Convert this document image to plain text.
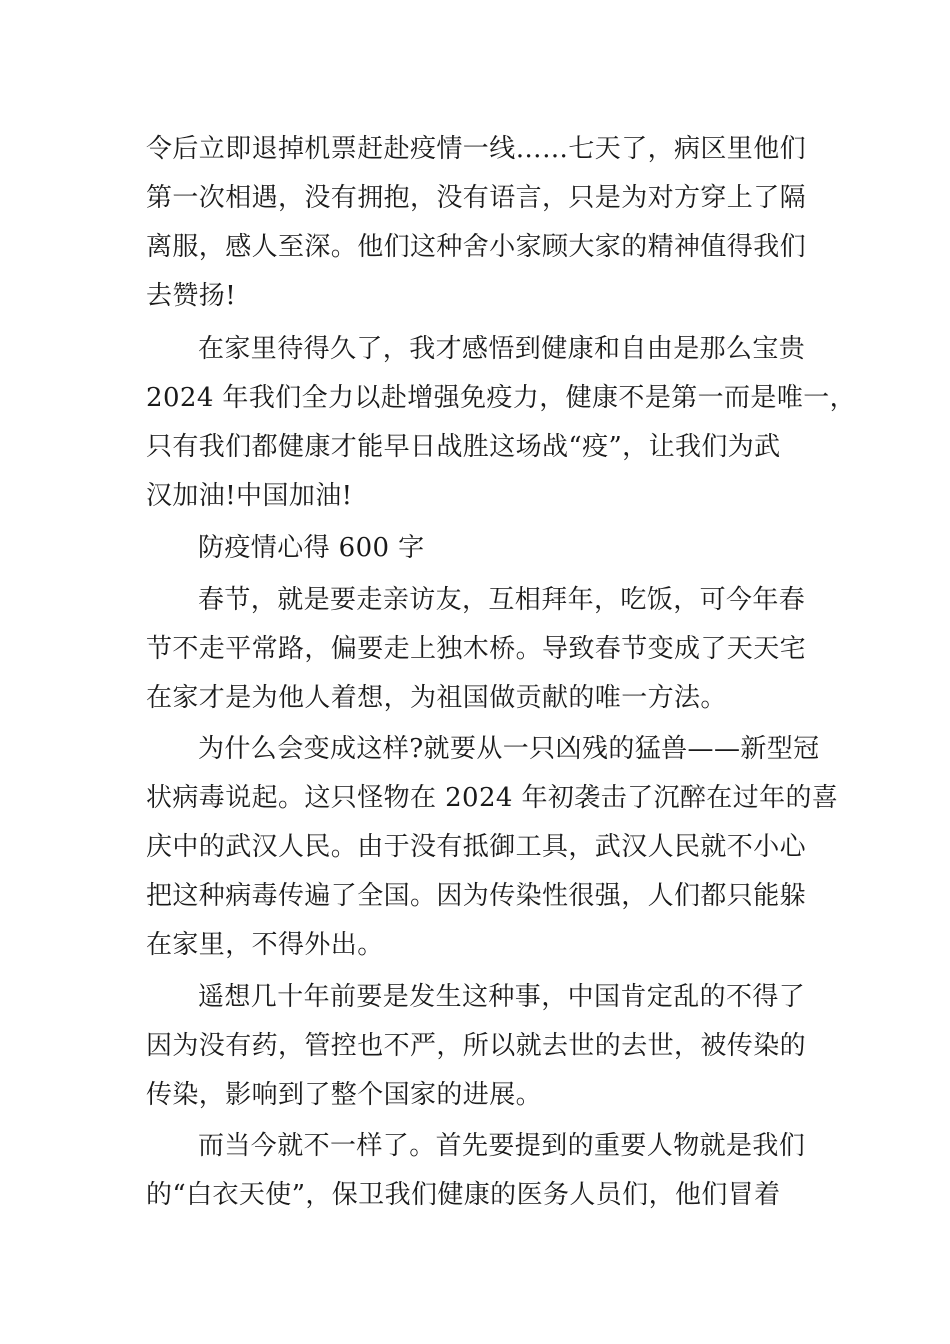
令后立即退掉机票赶赴疫情一线……七天了，病区里他们
第一次相遇，没有拥抱，没有语言，只是为对方穿上了隔
离服，感人至深。他们这种舍小家顾大家的精神值得我们
去赞扬!
在家里待得久了，我才感悟到健康和自由是那么宝贵
2024 年我们全力以赴增强免疫力，健康不是第一而是唯一，
只有我们都健康才能早日战胜这场战“疫”，让我们为武
汉加油!中国加油!
防疫情心得 600 字
春节，就是要走亲访友，互相拜年，吃饭，可今年春
节不走平常路，偏要走上独木桥。导致春节变成了天天宅
在家才是为他人着想，为祖国做贡献的唯一方法。
为什么会变成这样?就要从一只凶残的猛兽——新型冠
状病毒说起。这只怪物在 2024 年初袭击了沉醉在过年的喜
庆中的武汉人民。由于没有抵御工具，武汉人民就不小心
把这种病毒传遍了全国。因为传染性很强，人们都只能躲
在家里，不得外出。
遥想几十年前要是发生这种事，中国肯定乱的不得了
因为没有药，管控也不严，所以就去世的去世，被传染的
传染，影响到了整个国家的进展。
而当今就不一样了。首先要提到的重要人物就是我们
的“白衣天使”，保卫我们健康的医务人员们，他们冒着
